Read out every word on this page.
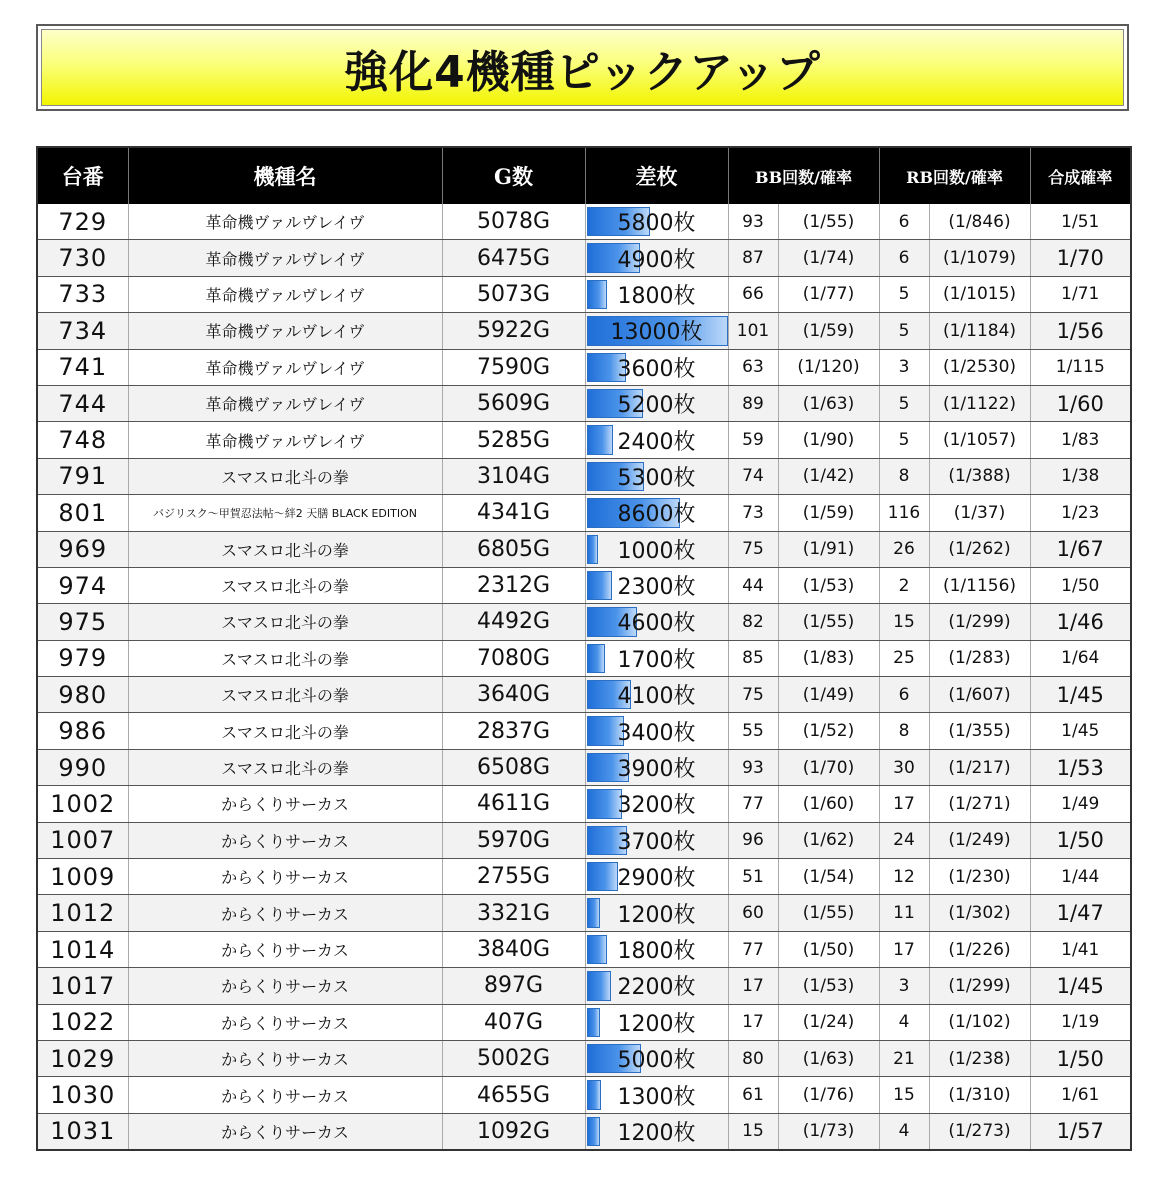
強化4機種ピックアップ
台番	機種名	G数	差枚	BB回数/確率		RB回数/確率		合成確率
729	革命機ヴァルヴレイヴ	5078G	5800枚	93	(1/55)	6	(1/846)	1/51
730	革命機ヴァルヴレイヴ	6475G	4900枚	87	(1/74)	6	(1/1079)	1/70
733	革命機ヴァルヴレイヴ	5073G	1800枚	66	(1/77)	5	(1/1015)	1/71
734	革命機ヴァルヴレイヴ	5922G	13000枚	101	(1/59)	5	(1/1184)	1/56
741	革命機ヴァルヴレイヴ	7590G	3600枚	63	(1/120)	3	(1/2530)	1/115
744	革命機ヴァルヴレイヴ	5609G	5200枚	89	(1/63)	5	(1/1122)	1/60
748	革命機ヴァルヴレイヴ	5285G	2400枚	59	(1/90)	5	(1/1057)	1/83
791	スマスロ北斗の拳	3104G	5300枚	74	(1/42)	8	(1/388)	1/38
801	バジリスク～甲賀忍法帖～絆2 天膳 BLACK EDITION	4341G	8600枚	73	(1/59)	116	(1/37)	1/23
969	スマスロ北斗の拳	6805G	1000枚	75	(1/91)	26	(1/262)	1/67
974	スマスロ北斗の拳	2312G	2300枚	44	(1/53)	2	(1/1156)	1/50
975	スマスロ北斗の拳	4492G	4600枚	82	(1/55)	15	(1/299)	1/46
979	スマスロ北斗の拳	7080G	1700枚	85	(1/83)	25	(1/283)	1/64
980	スマスロ北斗の拳	3640G	4100枚	75	(1/49)	6	(1/607)	1/45
986	スマスロ北斗の拳	2837G	3400枚	55	(1/52)	8	(1/355)	1/45
990	スマスロ北斗の拳	6508G	3900枚	93	(1/70)	30	(1/217)	1/53
1002	からくりサーカス	4611G	3200枚	77	(1/60)	17	(1/271)	1/49
1007	からくりサーカス	5970G	3700枚	96	(1/62)	24	(1/249)	1/50
1009	からくりサーカス	2755G	2900枚	51	(1/54)	12	(1/230)	1/44
1012	からくりサーカス	3321G	1200枚	60	(1/55)	11	(1/302)	1/47
1014	からくりサーカス	3840G	1800枚	77	(1/50)	17	(1/226)	1/41
1017	からくりサーカス	897G	2200枚	17	(1/53)	3	(1/299)	1/45
1022	からくりサーカス	407G	1200枚	17	(1/24)	4	(1/102)	1/19
1029	からくりサーカス	5002G	5000枚	80	(1/63)	21	(1/238)	1/50
1030	からくりサーカス	4655G	1300枚	61	(1/76)	15	(1/310)	1/61
1031	からくりサーカス	1092G	1200枚	15	(1/73)	4	(1/273)	1/57
